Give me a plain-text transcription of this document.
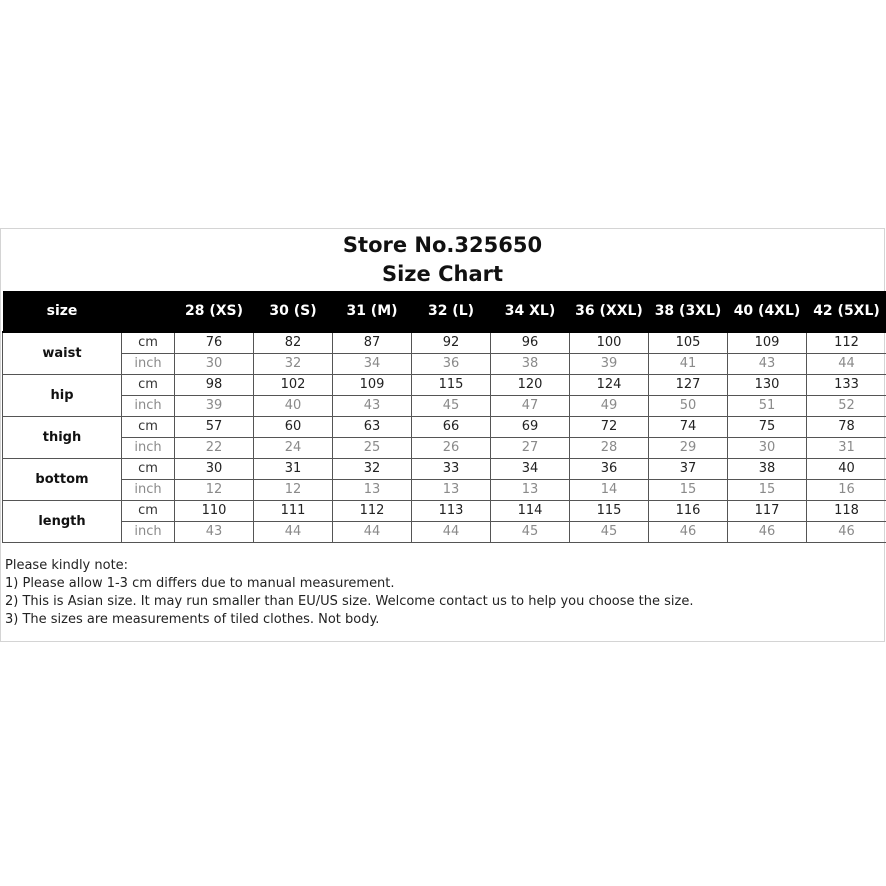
Store No.325650
Size Chart
size		28 (XS)	30 (S)	31 (M)	32 (L)	34 XL)	36 (XXL)	38 (3XL)	40 (4XL)	42 (5XL)
waist	cm	76	82	87	92	96	100	105	109	112
	inch	30	32	34	36	38	39	41	43	44
hip	cm	98	102	109	115	120	124	127	130	133
	inch	39	40	43	45	47	49	50	51	52
thigh	cm	57	60	63	66	69	72	74	75	78
	inch	22	24	25	26	27	28	29	30	31
bottom	cm	30	31	32	33	34	36	37	38	40
	inch	12	12	13	13	13	14	15	15	16
length	cm	110	111	112	113	114	115	116	117	118
	inch	43	44	44	44	45	45	46	46	46
Please kindly note:
1) Please allow 1-3 cm differs due to manual measurement.
2) This is Asian size. It may run smaller than EU/US size. Welcome contact us to help you choose the size.
3) The sizes are measurements of tiled clothes. Not body.
